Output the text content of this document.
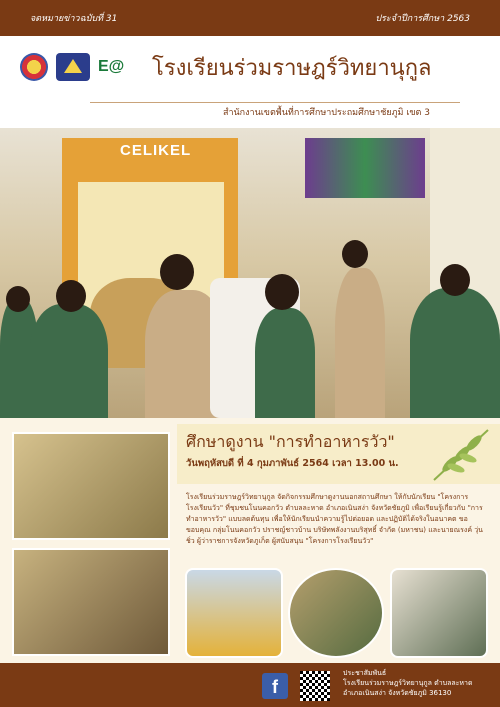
จดหมายข่าวฉบับที่ 31	ประจำปีการศึกษา 2563
E@	โรงเรียนร่วมราษฎร์วิทยานุกูล
สำนักงานเขตพื้นที่การศึกษาประถมศึกษาชัยภูมิ เขต 3
CELIKEL
ศึกษาดูงาน "การทำอาหารวัว"
วันพฤหัสบดี ที่ 4 กุมภาพันธ์ 2564 เวลา 13.00 น.
โรงเรียนร่วมราษฎร์วิทยานุกูล จัดกิจกรรมศึกษาดูงานนอกสถานศึกษา ให้กับนักเรียน "โครงการโรงเรียนวัว" ที่ชุมชนโนนคอกวัว ตำบลละหาด อำเภอเนินสง่า จังหวัดชัยภูมิ เพื่อเรียนรู้เกี่ยวกับ "การทำอาหารวัว" แบบลดต้นทุน เพื่อให้นักเรียนนำความรู้ไปต่อยอด และปฏิบัติได้จริงในอนาคต ขอขอบคุณ กลุ่มโนนคอกวัว ปราชญ์ชาวบ้าน บริษัทพลังงานบริสุทธิ์ จำกัด (มหาชน) และนายณรงค์ วุ่นชิ่ว ผู้ว่าราชการจังหวัดภูเก็ต ผู้สนับสนุน "โครงการโรงเรียนวัว"
f
ประชาสัมพันธ์
โรงเรียนร่วมราษฎร์วิทยานุกูล ตำบลละหาด
อำเภอเนินสง่า จังหวัดชัยภูมิ 36130
